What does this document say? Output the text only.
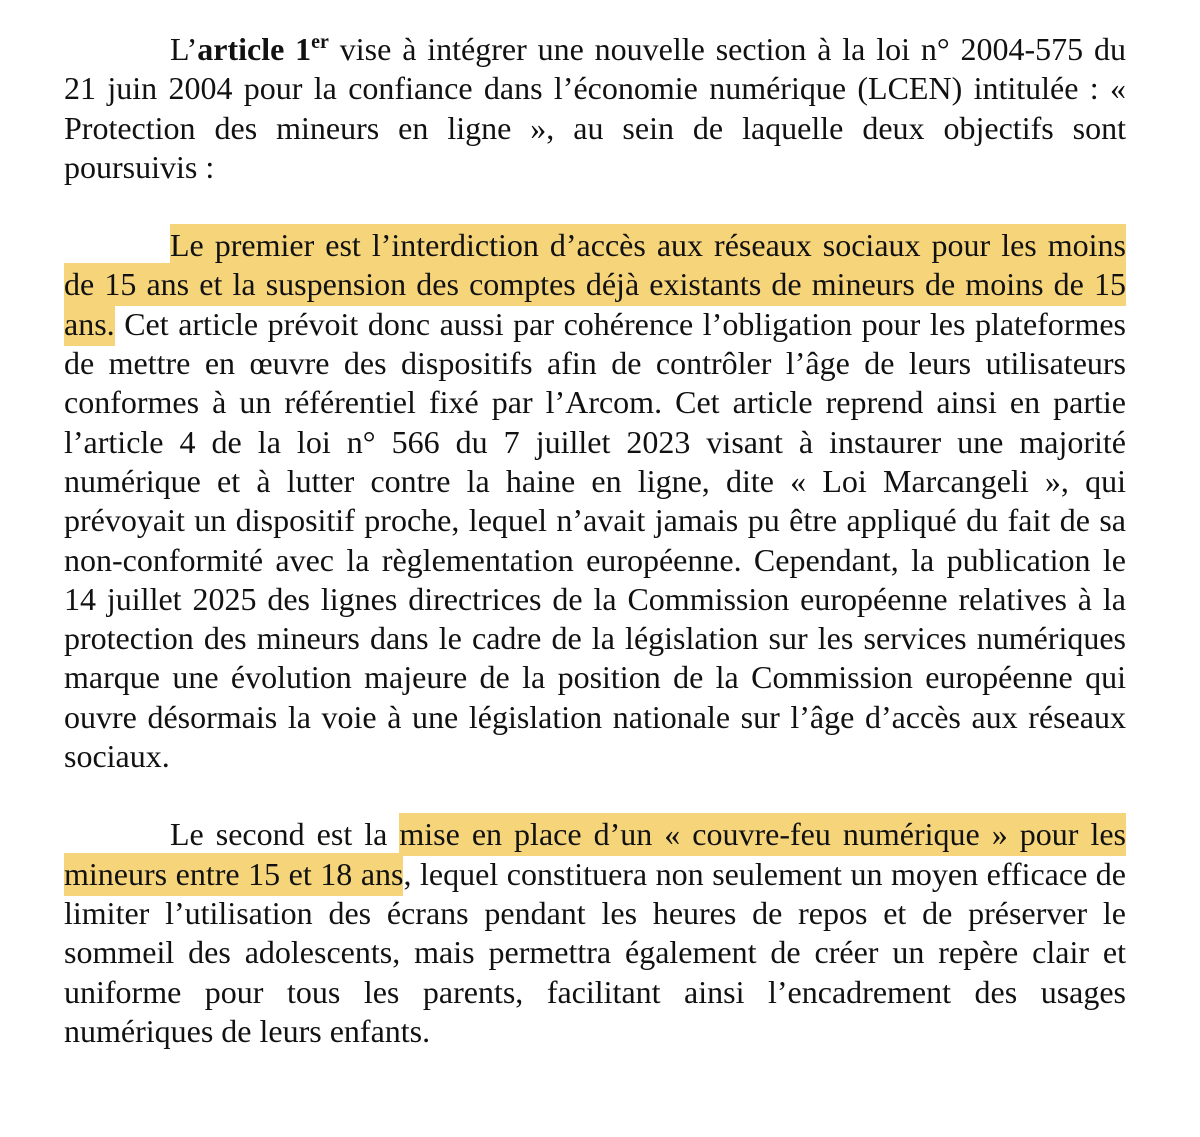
L’article 1er vise à intégrer une nouvelle section à la loi n° 2004-575 du 21 juin 2004 pour la confiance dans l’économie numérique (LCEN) intitulée : « Protection des mineurs en ligne », au sein de laquelle deux objectifs sont poursuivis :

Le premier est l’interdiction d’accès aux réseaux sociaux pour les moins de 15 ans et la suspension des comptes déjà existants de mineurs de moins de 15 ans. Cet article prévoit donc aussi par cohérence l’obligation pour les plateformes de mettre en œuvre des dispositifs afin de contrôler l’âge de leurs utilisateurs conformes à un référentiel fixé par l’Arcom. Cet article reprend ainsi en partie l’article 4 de la loi n° 566 du 7 juillet 2023 visant à instaurer une majorité numérique et à lutter contre la haine en ligne, dite « Loi Marcangeli », qui prévoyait un dispositif proche, lequel n’avait jamais pu être appliqué du fait de sa non-conformité avec la règlementation européenne. Cependant, la publication le 14 juillet 2025 des lignes directrices de la Commission européenne relatives à la protection des mineurs dans le cadre de la législation sur les services numériques marque une évolution majeure de la position de la Commission européenne qui ouvre désormais la voie à une législation nationale sur l’âge d’accès aux réseaux sociaux.

Le second est la mise en place d’un « couvre-feu numérique » pour les mineurs entre 15 et 18 ans, lequel constituera non seulement un moyen efficace de limiter l’utilisation des écrans pendant les heures de repos et de préserver le sommeil des adolescents, mais permettra également de créer un repère clair et uniforme pour tous les parents, facilitant ainsi l’encadrement des usages numériques de leurs enfants.
